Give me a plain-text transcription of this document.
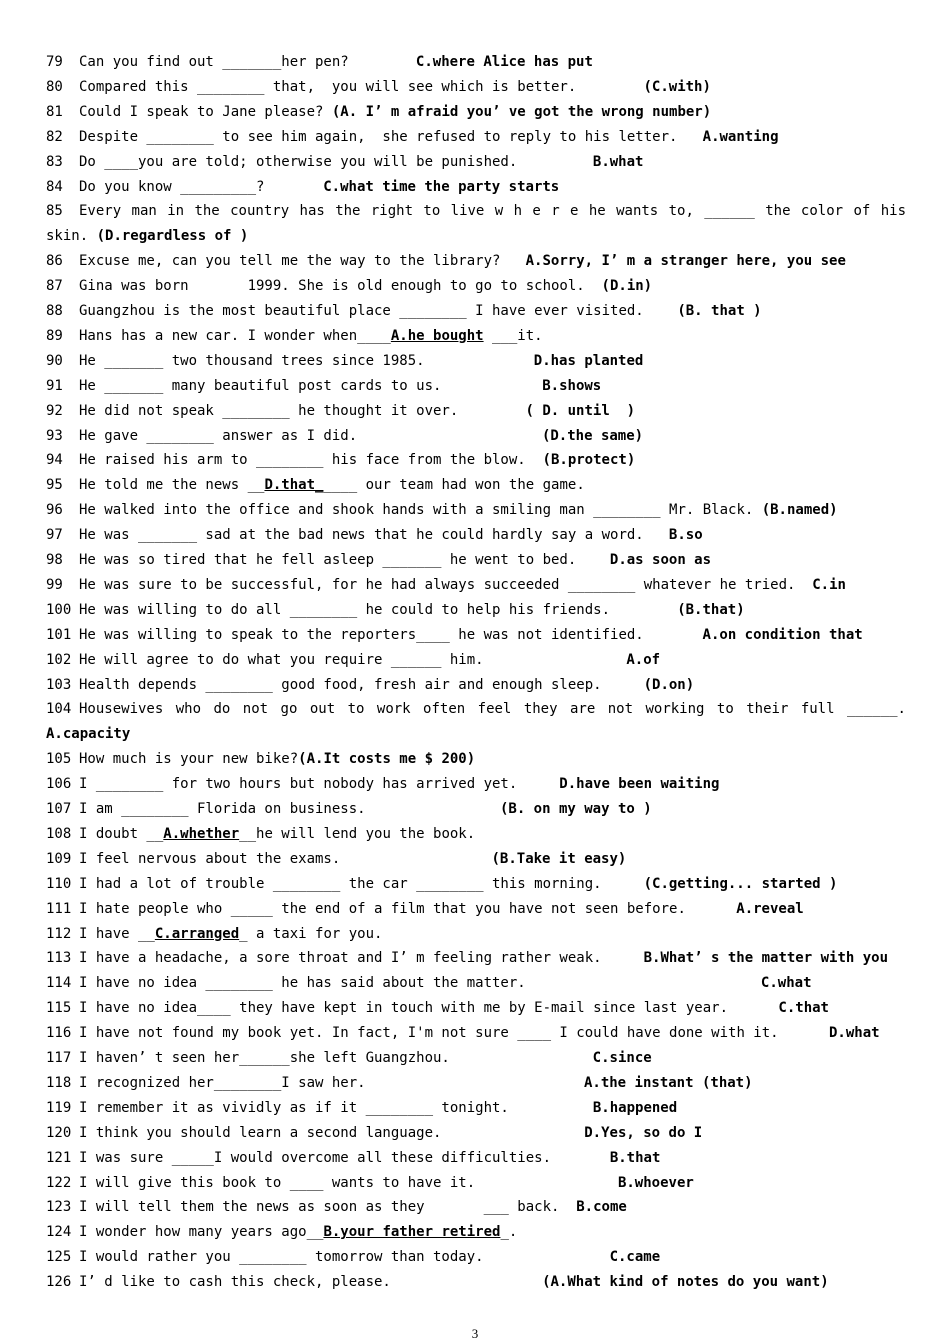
79 Can you find out _______her pen?	C.where Alice has put
80 Compared this ________ that,  you will see which is better.	(C.with)
81 Could I speak to Jane please? (A. I’ m afraid you’ ve got the wrong number)
82 Despite ________ to see him again,  she refused to reply to his letter. A.wanting
83 Do ____you are told; otherwise you will be punished.	B.what
84 Do you know _________?	C.what time the party starts
85 Every man in the country has the right to live w h e r e he wants to, ______ the color of his skin. (D.regardless of )
86 Excuse me, can you tell me the way to the library? A.Sorry, I’ m a stranger here, you see
87 Gina was born       1999. She is old enough to go to school. (D.in)
88 Guangzhou is the most beautiful place ________ I have ever visited. (B. that )
89 Hans has a new car. I wonder when____A.he bought ___it.
90 He _______ two thousand trees since 1985.	D.has planted
91 He _______ many beautiful post cards to us.	B.shows
92 He did not speak ________ he thought it over.	( D. until  )
93 He gave ________ answer as I did.	(D.the same)
94 He raised his arm to ________ his face from the blow. (B.protect)
95 He told me the news __D.that_____ our team had won the game.
96 He walked into the office and shook hands with a smiling man ________ Mr. Black. (B.named)
97 He was _______ sad at the bad news that he could hardly say a word. B.so
98 He was so tired that he fell asleep _______ he went to bed. D.as soon as
99 He was sure to be successful, for he had always succeeded ________ whatever he tried. C.in
100 He was willing to do all ________ he could to help his friends.	(B.that)
101 He was willing to speak to the reporters____ he was not identified.	A.on condition that
102 He will agree to do what you require ______ him.	A.of
103 Health depends ________ good food, fresh air and enough sleep.	(D.on)
104 Housewives who do not go out to work often feel they are not working to their full ______. A.capacity
105 How much is your new bike?(A.It costs me $ 200)
106 I ________ for two hours but nobody has arrived yet.	D.have been waiting
107 I am ________ Florida on business.	(B. on my way to )
108 I doubt __A.whether__he will lend you the book.
109 I feel nervous about the exams.	(B.Take it easy)
110 I had a lot of trouble ________ the car ________ this morning.	(C.getting... started )
111 I hate people who _____ the end of a film that you have not seen before.	A.reveal
112 I have __C.arranged_ a taxi for you.
113 I have a headache, a sore throat and I’ m feeling rather weak.	B.What’ s the matter with you
114 I have no idea ________ he has said about the matter.	C.what
115 I have no idea____ they have kept in touch with me by E-mail since last year.	C.that
116 I have not found my book yet. In fact, I'm not sure ____ I could have done with it.	D.what
117 I haven’ t seen her______she left Guangzhou.	C.since
118 I recognized her________I saw her.	A.the instant (that)
119 I remember it as vividly as if it ________ tonight.	B.happened
120 I think you should learn a second language.	D.Yes, so do I
121 I was sure _____I would overcome all these difficulties.	B.that
122 I will give this book to ____ wants to have it.	B.whoever
123 I will tell them the news as soon as they       ___ back. B.come
124 I wonder how many years ago__B.your father retired_.
125 I would rather you ________ tomorrow than today.	C.came
126 I’ d like to cash this check, please.	(A.What kind of notes do you want)
3
